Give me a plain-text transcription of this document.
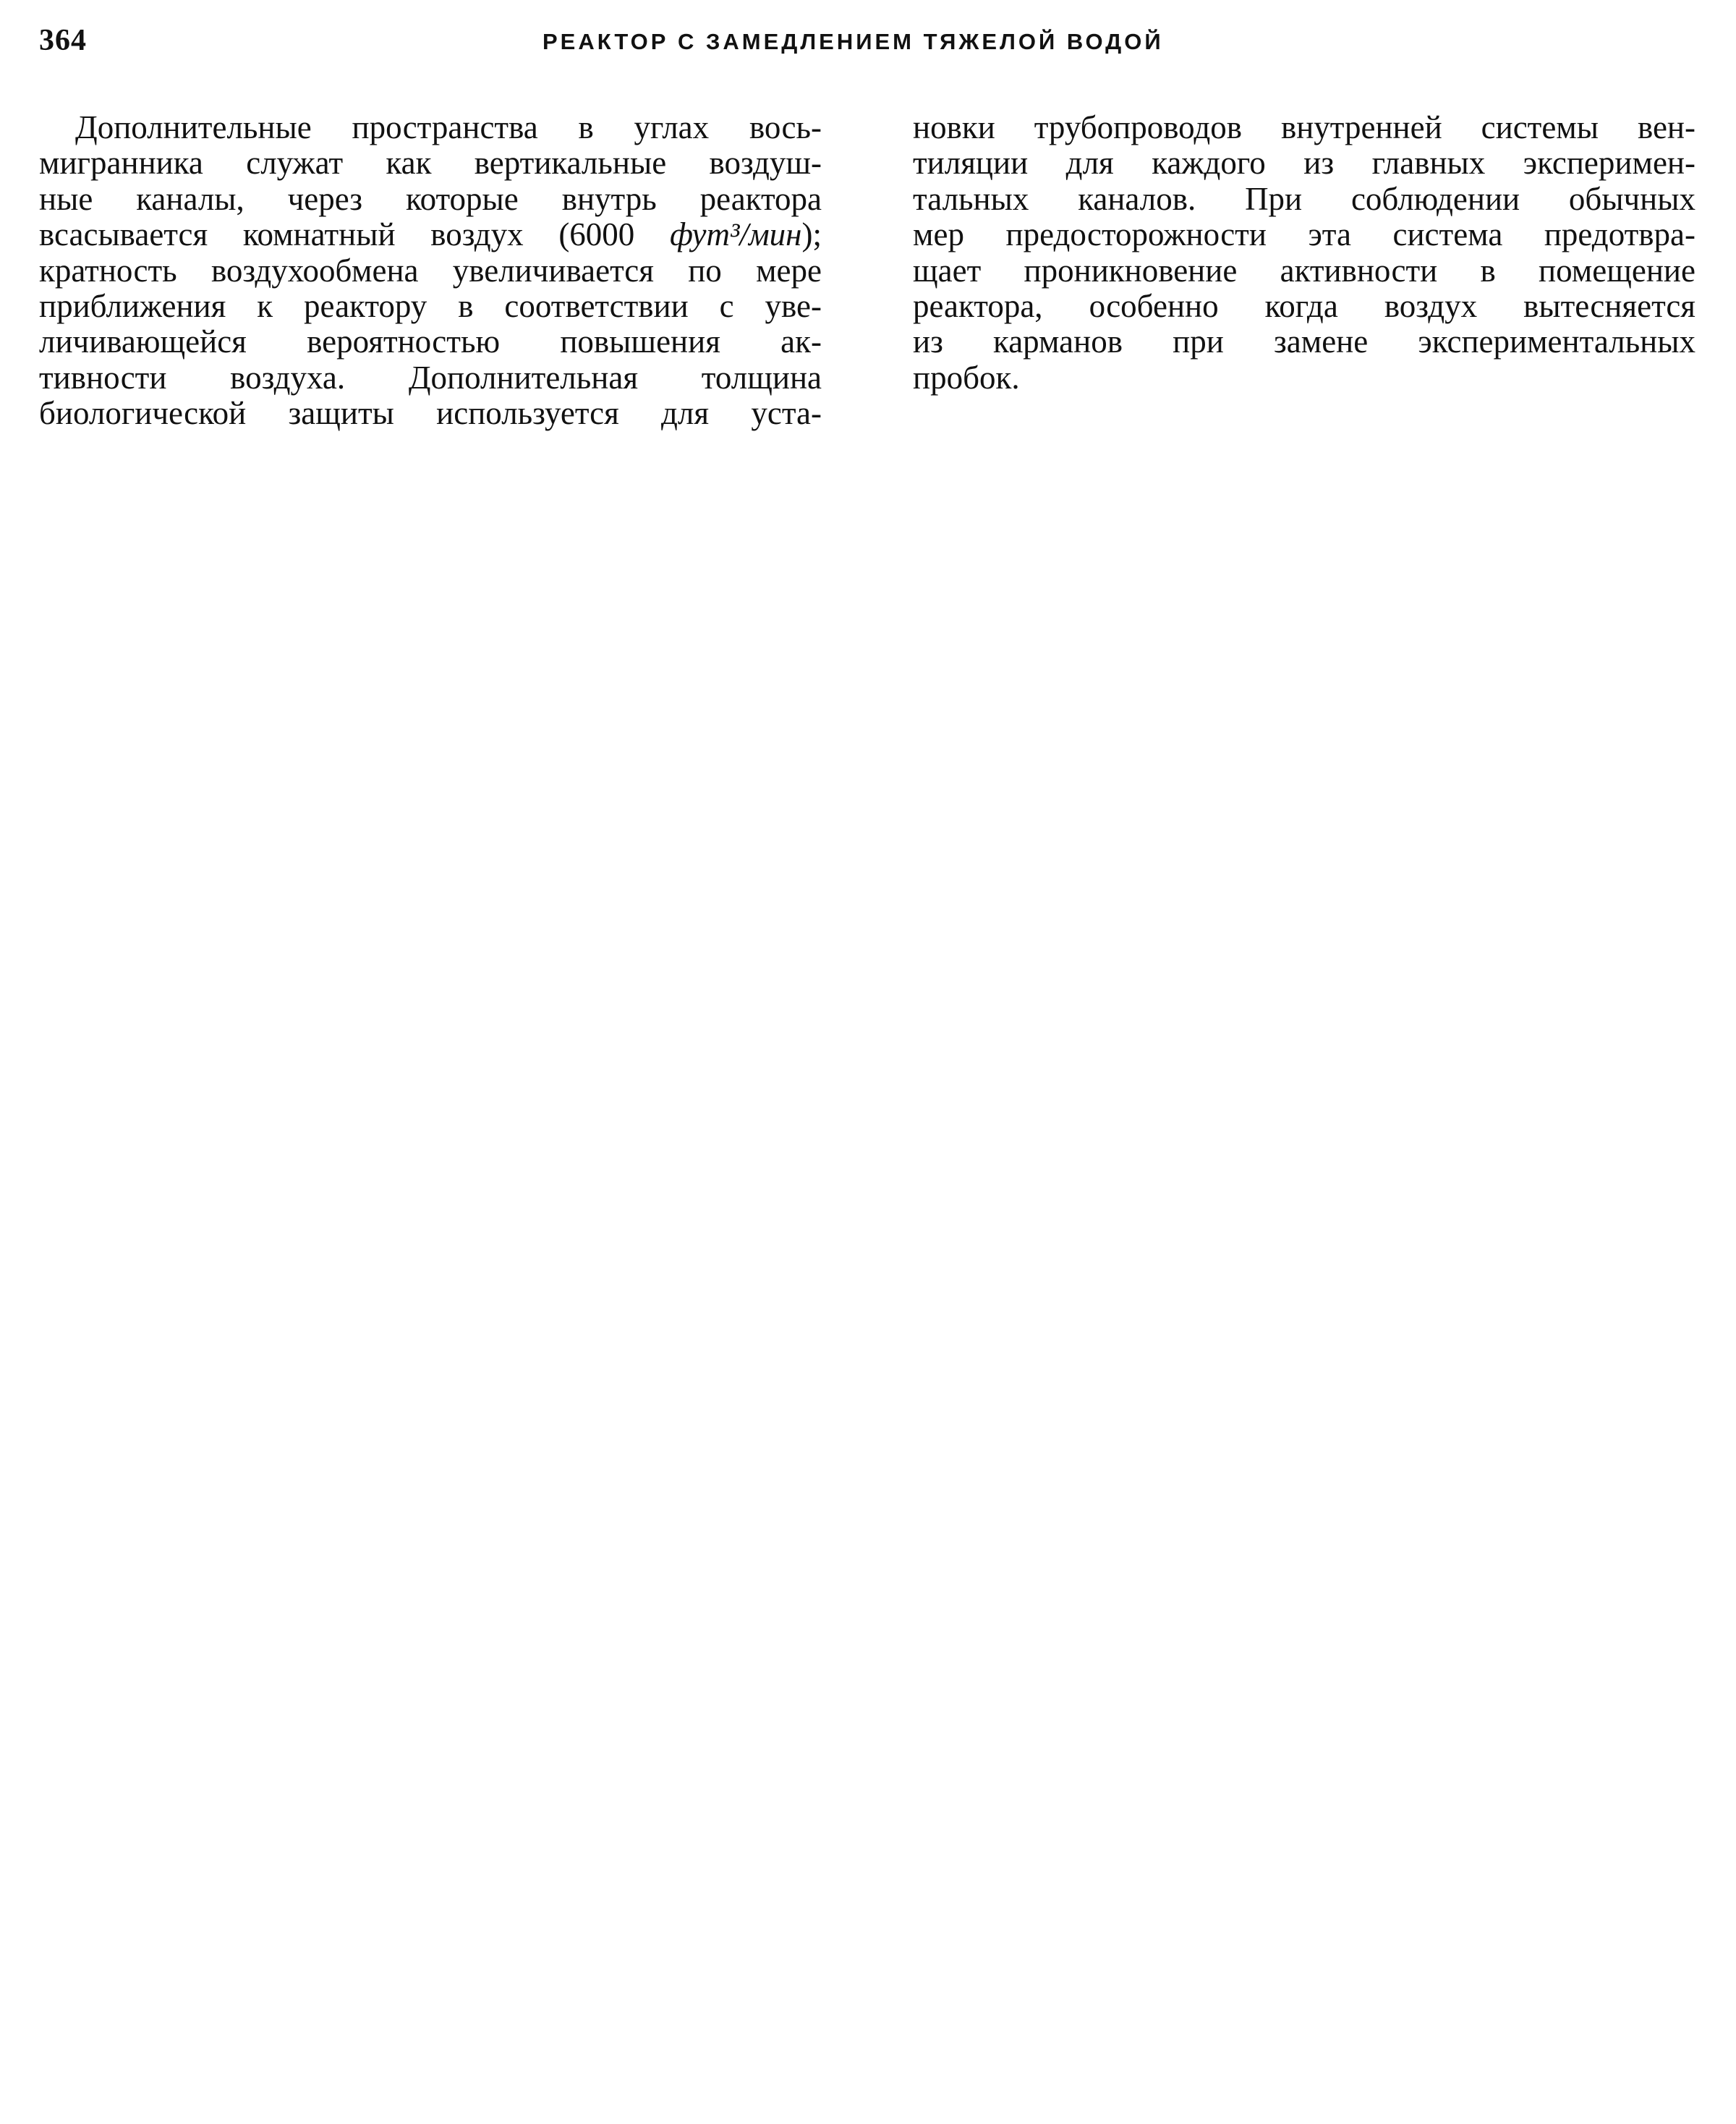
364	РЕАКТОР С ЗАМЕДЛЕНИЕМ ТЯЖЕЛОЙ ВОДОЙ
Дополнительные пространства в углах вось-
мигранника служат как вертикальные воздуш-
ные каналы, через которые внутрь реактора
всасывается комнатный воздух (6000 фут³/мин);
кратность воздухообмена увеличивается по мере
приближения к реактору в соответствии с уве-
личивающейся вероятностью повышения ак-
тивности воздуха. Дополнительная толщина
биологической защиты используется для уста-
новки трубопроводов внутренней системы вен-
тиляции для каждого из главных эксперимен-
тальных каналов. При соблюдении обычных
мер предосторожности эта система предотвра-
щает проникновение активности в помещение
реактора, особенно когда воздух вытесняется
из карманов при замене экспериментальных
пробок.
